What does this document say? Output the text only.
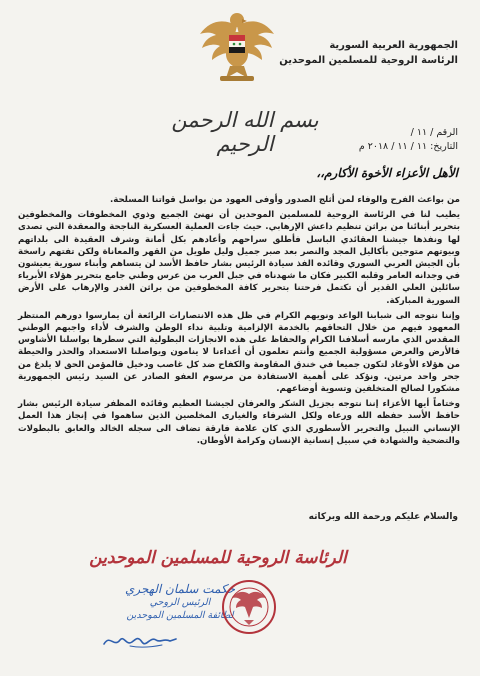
الجمهورية العربية السورية
الرئاسة الروحية للمسلمين الموحدين
بسم الله الرحمن الرحيم	الرقم / ١١ /
التاريخ: ١١ / ١١ / ٢٠١٨ م
الأهل الأعزاء الأخوة الأكارم،،

من بواعث الفرح والوفاء لمن أثلج الصدور وأوفى العهود من بواسل قواتنا المسلحة.

يطيب لنا في الرئاسة الروحية للمسلمين الموحدين أن نهنئ الجميع وذوي المخطوفات والمخطوفين بتحرير أبنائنا من براثن تنظيم داعش الإرهابي. حيث جاءت العملية العسكرية الناجحة والمعقدة التي تصدى لها ونفذها جيشنا العقائدي الباسل فأطلق سراحهم وأعادهم بكل أمانة وشرف العقيدة الى بلداتهم وبيوتهم متوجين بأكاليل المجد والنصر بعد صبر جميل وليل طويل من القهر والمعاناة ولكن تفتهم راسخة بأن الجيش العربي السوري وقائده الفذ سيادة الرئيس بشار حافظ الأسد لن يتساهم وأبناء سورية يعيشون في وجدانه العامر وقلبه الكبير فكان ما شهدناه في جبل العرب من عرس وطني جامع بتحرير هؤلاء الأبرياء سائلين العلي القدير أن تكتمل فرحتنا بتحرير كافة المخطوفين من براثن الغدر والإرهاب على الأرض السورية المباركة.

وإننا نتوجه الى شبابنا الواعد ونويهم الكرام في ظل هذه الانتصارات الرائعة أن يمارسوا دورهم المنتظر المعهود فيهم من خلال التحاقهم بالخدمة الإلزامية وتلبية نداء الوطن والشرف لأداء واجبهم الوطني المقدس الذي مارسه أسلافنا الكرام والحفاظ على هذه الانجازات البطولية التي سطرها بواسلنا الأشاوس فالأرض والعرض مسؤولية الجميع وأنتم تعلمون أن أعداءنا لا ينامون ويواصلنا الاستعداد والحذر والحيطة من هؤلاء الأوغاد لتكون جميعا في خندق المقاومة والكفاح ضد كل غاصب ودخيل فالمؤمن الحق لا يلدغ من جحر واحد مرتين. ونؤكد على أهمية الاستفادة من مرسوم العفو الصادر عن السيد رئيس الجمهورية مشكورا لصالح المتخلفين وتسوية أوضاعهم.

وختاماً أيها الأعزاء إننا نتوجه بجزيل الشكر والعرفان لجيشنا العظيم وقائده المظفر سيادة الرئيس بشار حافظ الأسد حفظه الله ورعاه ولكل الشرفاء والغيارى المخلصين الذين ساهموا في إنجاز هذا العمل الإنساني النبيل والتحرير الأسطوري الذي كان علامة فارقة تضاف الى سجله الخالد والعابق بالبطولات والتضحية والشهادة في سبيل إنسانية الإنسان وكرامة الأوطان.

والسلام عليكم ورحمة الله وبركاته
الرئاسة الروحية للمسلمين الموحدين
حكمت سلمان الهجري
الرئيس الروحي
لطائفة المسلمين الموحدين
